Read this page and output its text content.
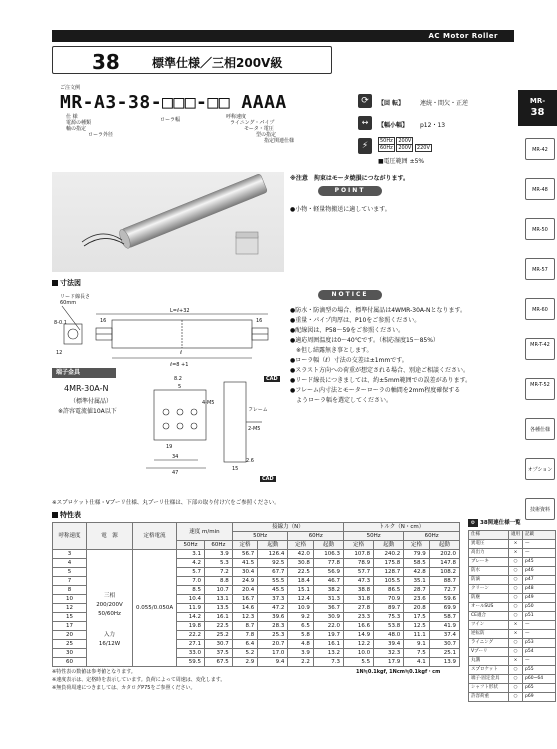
AC Motor Roller
38	標準仕様／三相200V級
ご注文例
MR-A3-38-□□□-□□ AAAA
仕 様
電源の種類
軸の指定
ローラ外径
ローラ幅	呼称速度
ライニング・パイプ
モータ・電圧
型の指定
指定関連仕様
⟳	【回 転】	連続・間欠・正逆
↔	【幅小幅】 p12・13
⚡	50Hz 200V
60Hz 200V 220V
■電圧範囲 ±5%
MR-
38
MR-42
MR-48
MR-50
MR-57
MR-60
MR-T-42
MR-T-52
各種仕様
オプション
技術資料
※注意　拘束はモータ焼損につながります。
POINT
●小物・軽量物搬送に適しています。
寸法図
リード線長さ
60mm
L=ℓ+32
16	16
ℓ
ℓ=8 +1
12
8-0.1
CAD
端子金具
4MR-30A-N
（標準付属品）
※許容電流値10A以下
8.2
5
19
34
47
4-M5
2-M5
フレーム
15
2.6
CAD
NOTICE
●防水・防滴型の場合、標準付属品は4WMR-30A-Nとなります。
●重量・パイプ肉厚は、P10をご参照ください。
●配線図は、P58～59をご参照ください。
●適応周囲温度は0～40℃です。（相応湿度15～85%）
　※但し結露無き事とします。
●ローラ幅（ℓ）寸法の交差は±1mmです。
●スラスト方向への荷重が想定される場合、別途ご相談ください。
●リード線長につきましては、約±5mm範囲での誤差があります。
●フレーム内寸法とモーターローラの軸間を2mm程度確保する
　ようローラ幅を選定してください。
※スプロケット仕様・Vプーリ仕様、丸プーリ仕様は、下部の取り付け穴をご参照ください。
特性表
呼称速度	電　源	定格電流	速度 m/min		接線力（N）				トルク（N・cm）			
					50Hz		60Hz		50Hz		60Hz	
			50Hz	60Hz	定格	起動	定格	起動	定格	起動	定格	起動
3	三相
200/200V
50/60Hz
入力
16/12W	0.055/0.050A	3.1	3.9	56.7	126.4	42.0	106.3	107.8	240.2	79.9	202.0
4			4.2	5.3	41.5	92.5	30.8	77.8	78.9	175.8	58.5	147.8
5			5.7	7.2	30.4	67.7	22.5	56.9	57.7	128.7	42.8	108.2
7			7.0	8.8	24.9	55.5	18.4	46.7	47.3	105.5	35.1	88.7
8			8.5	10.7	20.4	45.5	15.1	38.2	38.8	86.5	28.7	72.7
10			10.4	13.1	16.7	37.3	12.4	31.3	31.8	70.9	23.6	59.6
12			11.9	13.5	14.6	47.2	10.9	36.7	27.8	89.7	20.8	69.9
15			14.2	16.1	12.3	39.6	9.2	30.9	23.3	75.3	17.5	58.7
17			19.8	22.5	8.7	28.3	6.5	22.0	16.6	53.8	12.5	41.9
20			22.2	25.2	7.8	25.3	5.8	19.7	14.9	48.0	11.1	37.4
25			27.1	30.7	6.4	20.7	4.8	16.1	12.2	39.4	9.1	30.7
30			33.0	37.5	5.2	17.0	3.9	13.2	10.0	32.3	7.5	25.1
60			59.5	67.5	2.9	9.4	2.2	7.3	5.5	17.9	4.1	13.9
※特性表の数値は参考値となります。
※速度表示は、定格時を表示しています。負荷によって周速は、変化します。
※無負荷周速につきましては、カタログP75をご参照ください。
1N≒0.1kgf, 1Ncm≒0.1kgf・cm
⚙ 38関連仕様一覧
仕様	適用	記載
異電圧	×	—
高出力	×	—
ブレーキ	○	p45
防水	○	p46
防滴	○	p47
クリーン	○	p48
防塵	○	p49
オールSUS	○	p50
CE適合	○	p51
ツイン	×	—
逆転防	×	—
ライニング	○	p53
Vプーリ	○	p54
丸溝	×	—
スプロケット	○	p55
端子·固定金具	○	p60~64
シャフト形状	○	p65
許容荷重	○	p69
